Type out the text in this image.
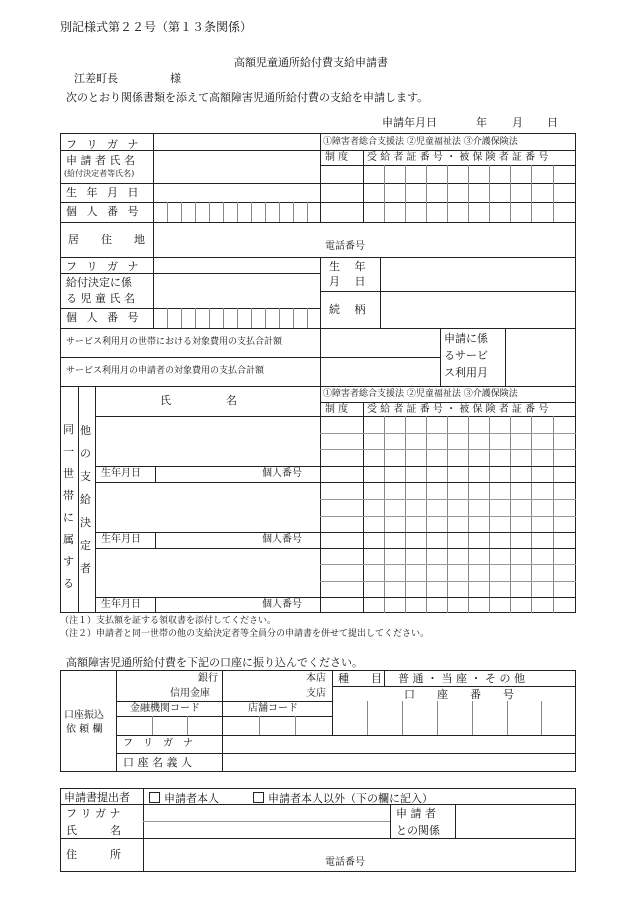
別記様式第２２号（第１３条関係）
高額児童通所給付費支給申請書
江差町長	様
次のとおり関係書類を添えて高額障害児通所給付費の支給を申請します。
申請年月日	年 月 日
フ リ ガ ナ	①障害者総合支援法 ②児童福祉法 ③介護保険法
申 請 者 氏 名
(給付決定者等氏名)
制 度 受 給 者 証 番 号 ・ 被 保 険 者 証 番 号
生 年 月 日
個 人 番 号
居　　住　　地
電話番号
フ リ ガ ナ
給付決定に係
る 児 童 氏 名
個 人 番 号
生　 年
月　 日
続　 柄
サービス利用月の世帯における対象費用の支払合計額
サービス利用月の申請者の対象費用の支払合計額
申請に係
るサービ
ス利用月
同
一
世
帯
に
属
す
る
他
の
支
給
決
定
者
氏　　　　　名	①障害者総合支援法 ②児童福祉法 ③介護保険法
制 度 受 給 者 証 番 号 ・ 被 保 険 者 証 番 号
生年月日	個人番号
生年月日	個人番号
生年月日	個人番号
（注１）支払額を証する領収書を添付してください。
（注２）申請者と同一世帯の他の支給決定者等全員分の申請書を併せて提出してください。
高額障害児通所給付費を下記の口座に振り込んでください。
口座振込
依 頼 欄
銀行
信用金庫
本店
支店
種　　目 普 通 ・ 当 座 ・ そ の 他
金融機関コード	店舗コード
口　　座　　番　　号
フ　リ　ガ　ナ
口 座 名 義 人
申請書提出者	申請者本人	申請者本人以外（下の欄に記入）
フ リ ガ ナ
氏　　　名
申 請 者
との関係
住　　　所
電話番号
